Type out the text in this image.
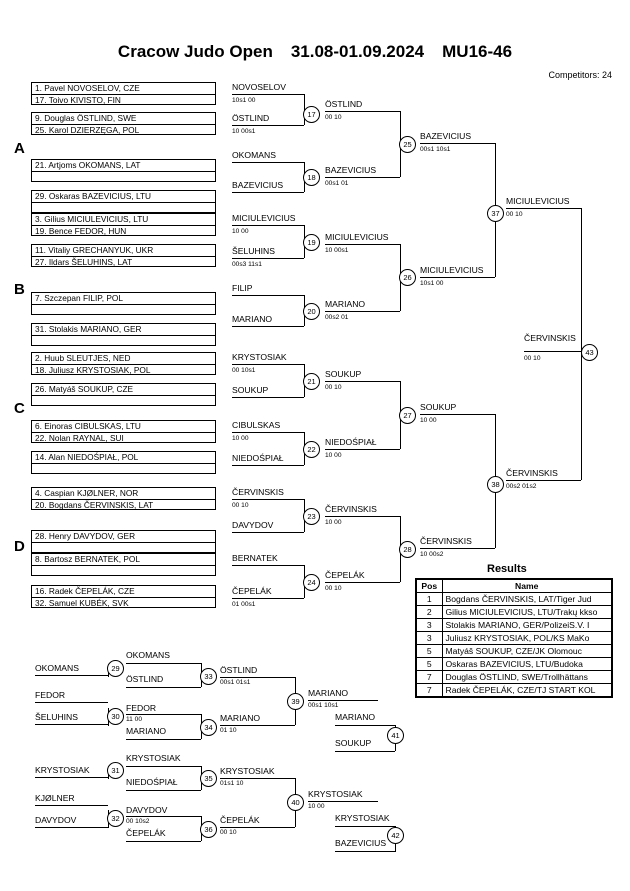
Cracow Judo Open 31.08-01.09.2024 MU16-46
Competitors: 24
A
B
C
D
1. Pavel NOVOSELOV, CZE
17. Toivo KIVISTO, FIN
9. Douglas ÖSTLIND, SWE
25. Karol DZIERZĘGA, POL
21. Artjoms OKOMANS, LAT
29. Oskaras BAZEVICIUS, LTU
3. Gilius MICIULEVICIUS, LTU
19. Bence FEDOR, HUN
11. Vitaliy GRECHANYUK, UKR
27. Ildars ŠELUHINS, LAT
7. Szczepan FILIP, POL
31. Stolakis MARIANO, GER
2. Huub SLEUTJES, NED
18. Juliusz KRYSTOSIAK, POL
26. Matyáš SOUKUP, CZE
6. Einoras CIBULSKAS, LTU
22. Nolan RAYNAL, SUI
14. Alan NIEDOŚPIAŁ, POL
4. Caspian KJØLNER, NOR
20. Bogdans ČERVINSKIS, LAT
28. Henry DAVYDOV, GER
8. Bartosz BERNATEK, POL
16. Radek ČEPELÁK, CZE
32. Samuel KUBÉK, SVK
NOVOSELOV
10s1 00
ÖSTLIND
10 00s1
OKOMANS
BAZEVICIUS
MICIULEVICIUS
10 00
ŠELUHINS
00s3 11s1
FILIP
MARIANO
KRYSTOSIAK
00 10s1
SOUKUP
CIBULSKAS
10 00
NIEDOŚPIAŁ
ČERVINSKIS
00 10
DAVYDOV
BERNATEK
ČEPELÁK
01 00s1
17
ÖSTLIND
00 10
18
BAZEVICIUS
00s1 01
19
MICIULEVICIUS
10 00s1
20
MARIANO
00s2 01
21
SOUKUP
00 10
22
NIEDOŚPIAŁ
10 00
23
ČERVINSKIS
10 00
24
ČEPELÁK
00 10
25
BAZEVICIUS
00s1 10s1
26
MICIULEVICIUS
10s1 00
27
SOUKUP
10 00
28
ČERVINSKIS
10 00s2
37
MICIULEVICIUS
00 10
38
ČERVINSKIS
00s2 01s2
43
ČERVINSKIS
00 10
Results
Pos	Name
1	Bogdans ČERVINSKIS, LAT/Tiger Jud
2	Gilius MICIULEVICIUS, LTU/Trakų kkso
3	Stolakis MARIANO, GER/PolizeiS.V. I
3	Juliusz KRYSTOSIAK, POL/KS MaKo
5	Matyáš SOUKUP, CZE/JK Olomouc
5	Oskaras BAZEVICIUS, LTU/Budoka
7	Douglas ÖSTLIND, SWE/Trollhättans
7	Radek ČEPELÁK, CZE/TJ START KOL
OKOMANS
FEDOR
ŠELUHINS
KRYSTOSIAK
KJØLNER
DAVYDOV
29
30
31
32
OKOMANS
ÖSTLIND
FEDOR
11 00
MARIANO
KRYSTOSIAK
NIEDOŚPIAŁ
DAVYDOV
00 10s2
ČEPELÁK
33
ÖSTLIND
00s1 01s1
34
MARIANO
01 10
35
KRYSTOSIAK
01s1 10
36
ČEPELÁK
00 10
39
MARIANO
00s1 10s1
40
KRYSTOSIAK
10 00
MARIANO
SOUKUP
41
KRYSTOSIAK
BAZEVICIUS
42
